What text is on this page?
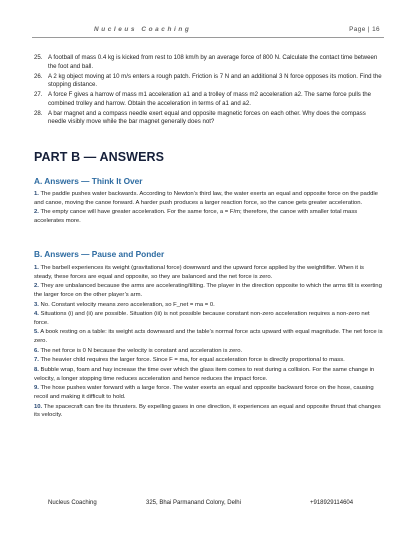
Nucleus Coaching	Page | 16
25. A football of mass 0.4 kg is kicked from rest to 108 km/h by an average force of 800 N. Calculate the contact time between the foot and ball.
26. A 2 kg object moving at 10 m/s enters a rough patch. Friction is 7 N and an additional 3 N force opposes its motion. Find the stopping distance.
27. A force F gives a harrow of mass m1 acceleration a1 and a trolley of mass m2 acceleration a2. The same force pulls the combined trolley and harrow. Obtain the acceleration in terms of a1 and a2.
28. A bar magnet and a compass needle exert equal and opposite magnetic forces on each other. Why does the compass needle visibly move while the bar magnet generally does not?
PART B — ANSWERS
A. Answers — Think It Over

1. The paddle pushes water backwards. According to Newton’s third law, the water exerts an equal and opposite force on the paddle and canoe, moving the canoe forward. A harder push produces a larger reaction force, so the canoe gets greater acceleration.

2. The empty canoe will have greater acceleration. For the same force, a = F/m; therefore, the canoe with smaller total mass accelerates more.

B. Answers — Pause and Ponder

1. The barbell experiences its weight (gravitational force) downward and the upward force applied by the weightlifter. When it is steady, these forces are equal and opposite, so they are balanced and the net force is zero.

2. They are unbalanced because the arms are accelerating/tilting. The player in the direction opposite to which the arms tilt is exerting the larger force on the other player’s arm.

3. No. Constant velocity means zero acceleration, so F_net = ma = 0.

4. Situations (i) and (ii) are possible. Situation (iii) is not possible because constant non-zero acceleration requires a non-zero net force.

5. A book resting on a table: its weight acts downward and the table’s normal force acts upward with equal magnitude. The net force is zero.

6. The net force is 0 N because the velocity is constant and acceleration is zero.

7. The heavier child requires the larger force. Since F = ma, for equal acceleration force is directly proportional to mass.

8. Bubble wrap, foam and hay increase the time over which the glass item comes to rest during a collision. For the same change in velocity, a longer stopping time reduces acceleration and hence reduces the impact force.

9. The hose pushes water forward with a large force. The water exerts an equal and opposite backward force on the hose, causing recoil and making it difficult to hold.

10. The spacecraft can fire its thrusters. By expelling gases in one direction, it experiences an equal and opposite thrust that changes its velocity.

Nucleus Coaching	325, Bhai Parmanand Colony, Delhi	+918929114604
